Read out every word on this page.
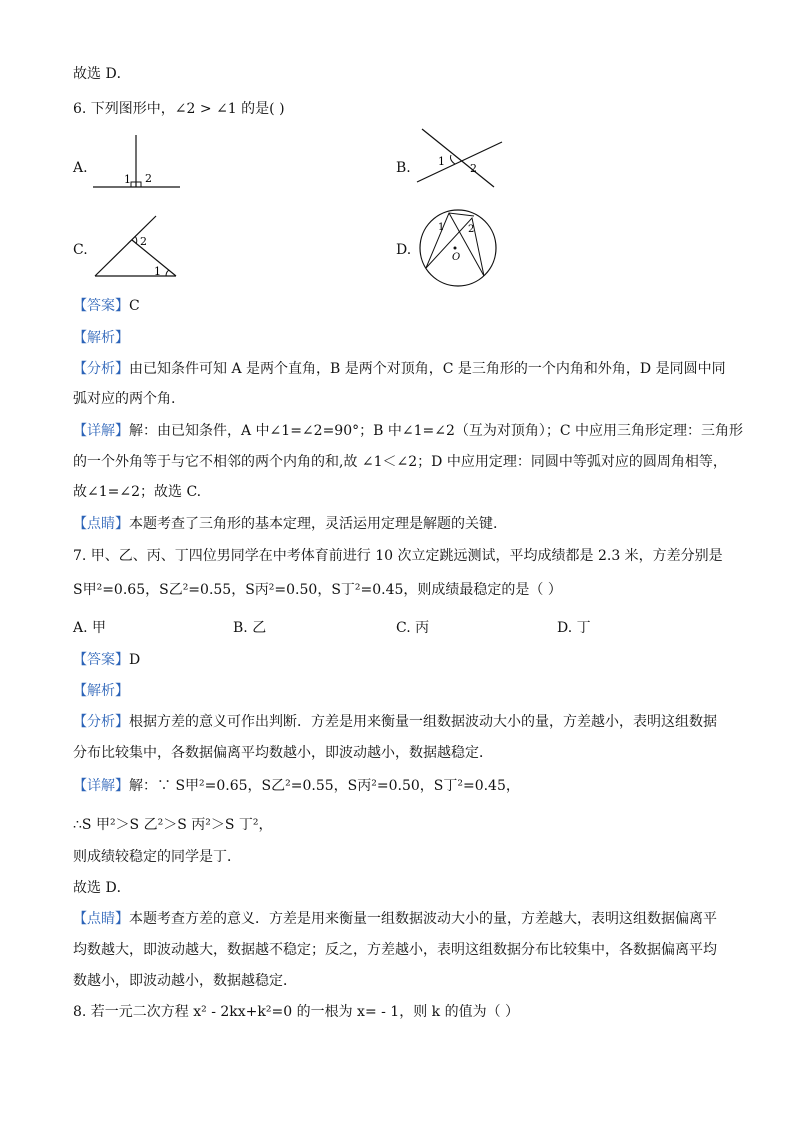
故选 D．
6. 下列图形中，∠2 > ∠1 的是( )
A.
1 2
B. 1
2
C.
2
1
D.
1 2
O
【答案】C
【解析】
【分析】由已知条件可知 A 是两个直角，B 是两个对顶角，C 是三角形的一个内角和外角，D 是同圆中同
弧对应的两个角.
【详解】解：由已知条件，A 中∠1=∠2=90°；B 中∠1=∠2（互为对顶角）；C 中应用三角形定理：三角形
的一个外角等于与它不相邻的两个内角的和,故 ∠1＜∠2；D 中应用定理：同圆中等弧对应的圆周角相等，
故∠1=∠2；故选 C.
【点睛】本题考查了三角形的基本定理，灵活运用定理是解题的关键.
7. 甲、乙、丙、丁四位男同学在中考体育前进行 10 次立定跳远测试，平均成绩都是 2.3 米，方差分别是
S甲²=0.65，S乙²=0.55，S丙²=0.50，S丁²=0.45，则成绩最稳定的是（ ）
A. 甲	B. 乙	C. 丙	D. 丁
【答案】D
【解析】
【分析】根据方差的意义可作出判断．方差是用来衡量一组数据波动大小的量，方差越小，表明这组数据
分布比较集中，各数据偏离平均数越小，即波动越小，数据越稳定．
【详解】解：∵ S甲²=0.65，S乙²=0.55，S丙²=0.50，S丁²=0.45，
∴S 甲²＞S 乙²＞S 丙²＞S 丁²，
则成绩较稳定的同学是丁．
故选 D．
【点睛】本题考查方差的意义．方差是用来衡量一组数据波动大小的量，方差越大，表明这组数据偏离平
均数越大，即波动越大，数据越不稳定；反之，方差越小，表明这组数据分布比较集中，各数据偏离平均
数越小，即波动越小，数据越稳定．
8. 若一元二次方程 x² - 2kx+k²=0 的一根为 x= - 1，则 k 的值为（ ）
